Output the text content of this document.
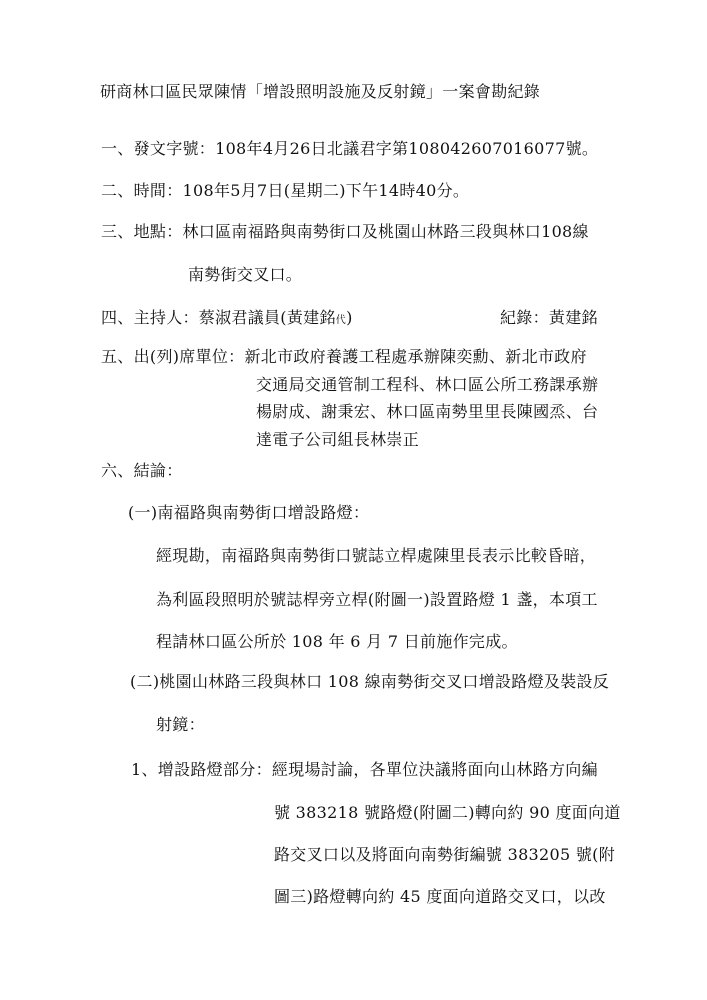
研商林口區民眾陳情「增設照明設施及反射鏡」一案會勘紀錄
一、發文字號：108年4月26日北議君字第108042607016077號。
二、時間：108年5月7日(星期二)下午14時40分。
三、地點：林口區南福路與南勢街口及桃園山林路三段與林口108線
南勢街交叉口。
四、主持人：蔡淑君議員(黃建銘代)	紀錄：黃建銘
五、出(列)席單位：新北市政府養護工程處承辦陳奕勳、新北市政府
交通局交通管制工程科、林口區公所工務課承辦
楊尉成、謝秉宏、林口區南勢里里長陳國烝、台
達電子公司組長林崇正
六、結論：
(一)南福路與南勢街口增設路燈：
經現勘，南福路與南勢街口號誌立桿處陳里長表示比較昏暗，
為利區段照明於號誌桿旁立桿(附圖一)設置路燈 1 盞，本項工
程請林口區公所於 108 年 6 月 7 日前施作完成。
(二)桃園山林路三段與林口 108 線南勢街交叉口增設路燈及裝設反
射鏡：
1、增設路燈部分：經現場討論，各單位決議將面向山林路方向編
號 383218 號路燈(附圖二)轉向約 90 度面向道
路交叉口以及將面向南勢街編號 383205 號(附
圖三)路燈轉向約 45 度面向道路交叉口，以改
